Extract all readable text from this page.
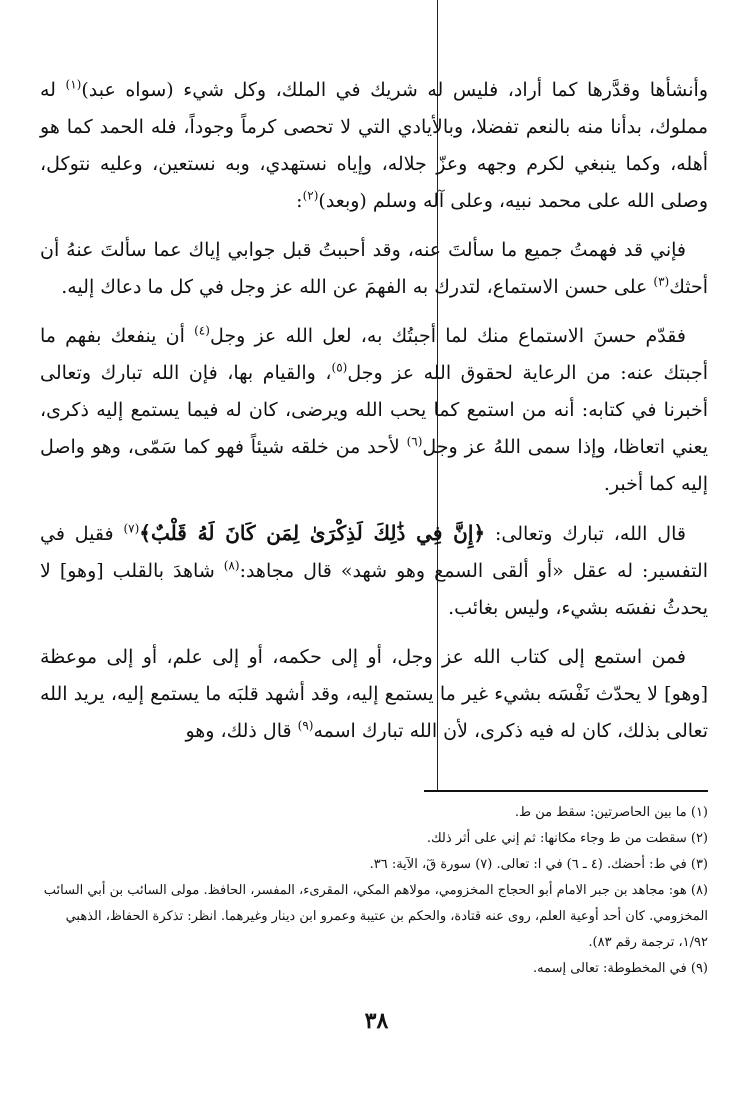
وأنشأها وقدَّرها كما أراد، فليس له شريك في الملك، وكل شيء (سواه عبد)$^{(١)}$ له مملوك، بدأنا منه بالنعم تفضلا، وبالأيادي التي لا تحصى كرماً وجوداً، فله الحمد كما هو أهله، وكما ينبغي لكرم وجهه وعزّ جلاله، وإياه نستهدي، وبه نستعين، وعليه نتوكل، وصلى الله على محمد نبيه، وعلى آله وسلم (وبعد)$^{(٢)}$:

فإني قد فهمتُ جميع ما سألتَ عنه، وقد أحببتُ قبل جوابي إياك عما سألتَ عنهُ أن أحثك$^{(٣)}$ على حسن الاستماع، لتدرك به الفهمَ عن الله عز وجل في كل ما دعاك إليه.

فقدّم حسنَ الاستماع منك لما أجبتُك به، لعل الله عز وجل$^{(٤)}$ أن ينفعك بفهم ما أجبتك عنه: من الرعاية لحقوق الله عز وجل$^{(٥)}$، والقيام بها، فإن الله تبارك وتعالى أخبرنا في كتابه: أنه من استمع كما يحب الله ويرضى، كان له فيما يستمع إليه ذكرى، يعني اتعاظا، وإذا سمى اللهُ عز وجل$^{(٦)}$ لأحد من خلقه شيئاً فهو كما سَمّى، وهو واصل إليه كما أخبر.

قال الله، تبارك وتعالى: ﴿إِنَّ فِي ذَٰلِكَ لَذِكْرَىٰ لِمَن كَانَ لَهُ قَلْبٌ﴾$^{(٧)}$ فقيل في التفسير: له عقل «أو ألقى السمع وهو شهد» قال مجاهد:$^{(٨)}$ شاهدَ بالقلب [وهو] لا يحدثُ نفسَه بشيء، وليس بغائب.

فمن استمع إلى كتاب الله عز وجل، أو إلى حكمه، أو إلى علم، أو إلى موعظة [وهو] لا يحدّث نَفْسَه بشيء غير ما يستمع إليه، وقد أشهد قلبَه ما يستمع إليه، يريد الله تعالى بذلك، كان له فيه ذكرى، لأن الله تبارك اسمه$^{(٩)}$ قال ذلك، وهو

(١) ما بين الحاصرتين: سقط من ط.

(٢) سقطت من ط وجاء مكانها: ثم إني على أثر ذلك.

(٣) في ط: أحضك. (٤ ـ ٦) في ا: تعالى. (٧) سورة قٓ، الآية: ٣٦.

(٨) هو: مجاهد بن جبر الامام أبو الحجاج المخزومي، مولاهم المكي، المقرىء، المفسر، الحافظ. مولى السائب بن أبي السائب المخزومي. كان أحد أوعية العلم، روى عنه قتادة، والحكم بن عتيبة وعمرو ابن دينار وغيرهما. انظر: تذكرة الحفاظ، الذهبي ١/٩٢، ترجمة رقم ٨٣).

(٩) في المخطوطة: تعالى إسمه.

٣٨
